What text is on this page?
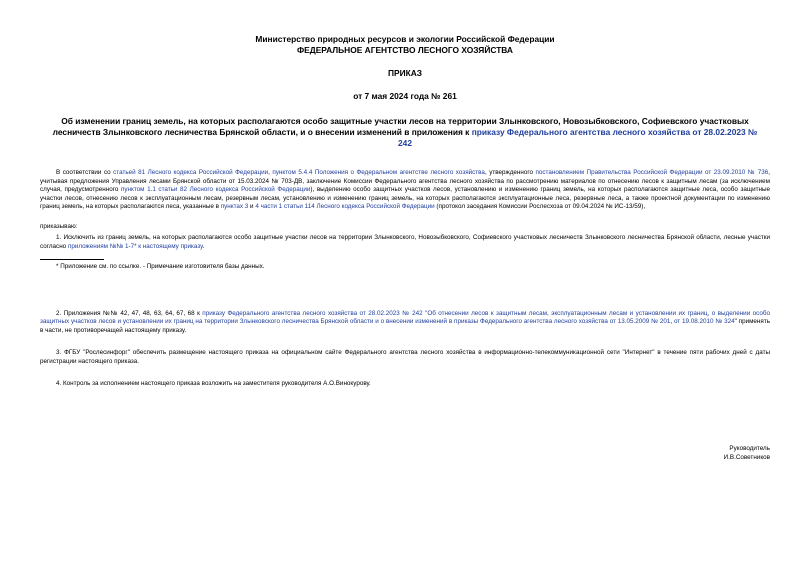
Министерство природных ресурсов и экологии Российской Федерации
ФЕДЕРАЛЬНОЕ АГЕНТСТВО ЛЕСНОГО ХОЗЯЙСТВА
ПРИКАЗ
от 7 мая 2024 года № 261
Об изменении границ земель, на которых располагаются особо защитные участки лесов на территории Злынковского, Новозыбковского, Софиевского участковых лесничеств Злынковского лесничества Брянской области, и о внесении изменений в приложения к приказу Федерального агентства лесного хозяйства от 28.02.2023 № 242

В соответствии со статьей 81 Лесного кодекса Российской Федерации, пунктом 5.4.4 Положения о Федеральном агентстве лесного хозяйства, утвержденного постановлением Правительства Российской Федерации от 23.09.2010 № 736, учитывая предложения Управления лесами Брянской области от 15.03.2024 № 703-ДВ, заключение Комиссии Федерального агентства лесного хозяйства по рассмотрению материалов по отнесению лесов к защитным лесам (за исключением случая, предусмотренного пунктом 1.1 статьи 82 Лесного кодекса Российской Федерации), выделению особо защитных участков лесов, установлению и изменению границ земель, на которых располагаются защитные леса, особо защитные участки лесов, отнесению лесов к эксплуатационным лесам, резервным лесам, установлению и изменению границ земель, на которых располагаются эксплуатационные леса, резервные леса, а также проектной документации по изменению границ земель, на которых располагаются леса, указанные в пунктах 3 и 4 части 1 статьи 114 Лесного кодекса Российской Федерации (протокол заседания Комиссии Рослесхоза от 09.04.2024 № ИС-13/59),

приказываю:

1. Исключить из границ земель, на которых располагаются особо защитные участки лесов на территории Злынковского, Новозыбковского, Софиевского участковых лесничеств Злынковского лесничества Брянской области, лесные участки согласно приложениям №№ 1-7* к настоящему приказу.

* Приложение см. по ссылке. - Примечание изготовителя базы данных.

2. Приложения №№ 42, 47, 48, 63, 64, 67, 68 к приказу Федерального агентства лесного хозяйства от 28.02.2023 № 242 "Об отнесении лесов к защитным лесам, эксплуатационным лесам и установлении их границ, о выделении особо защитных участков лесов и установлении их границ на территории Злынковского лесничества Брянской области и о внесении изменений в приказы Федерального агентства лесного хозяйства от 13.05.2009 № 201, от 19.08.2010 № 324" применять в части, не противоречащей настоящему приказу.

3. ФГБУ "Рослесинфорг" обеспечить размещение настоящего приказа на официальном сайте Федерального агентства лесного хозяйства в информационно-телекоммуникационной сети "Интернет" в течение пяти рабочих дней с даты регистрации настоящего приказа.

4. Контроль за исполнением настоящего приказа возложить на заместителя руководителя А.О.Винокурову.

Руководитель
И.В.Советников
